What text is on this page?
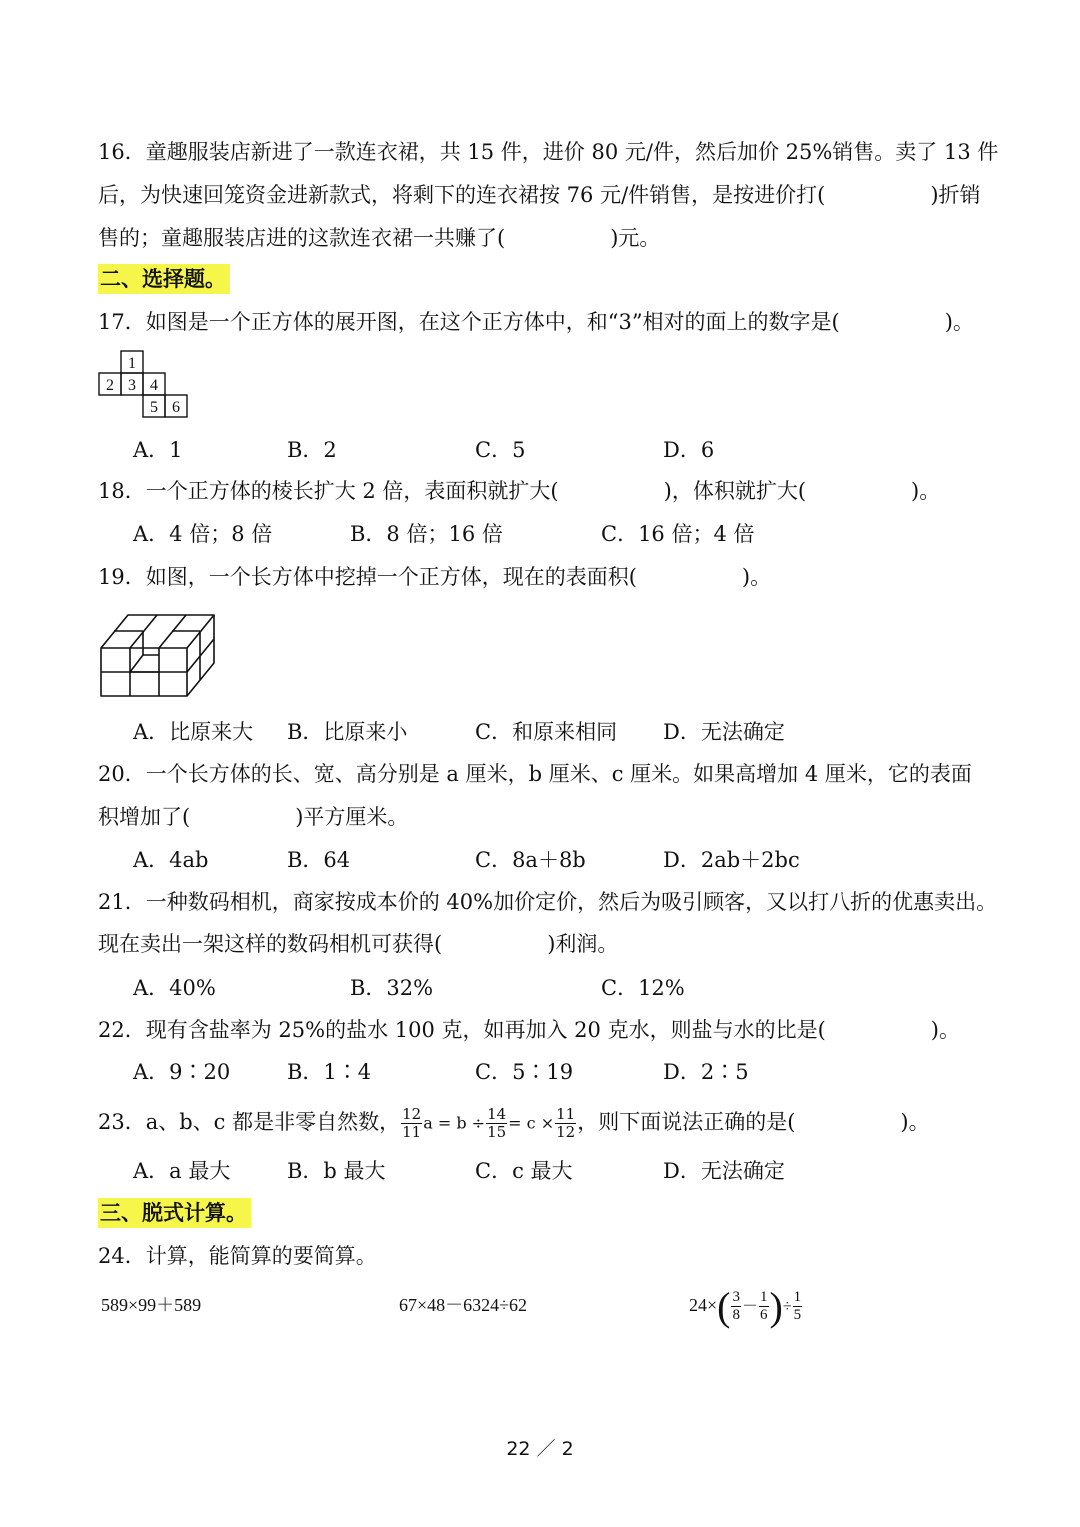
16．童趣服装店新进了一款连衣裙，共 15 件，进价 80 元/件，然后加价 25%销售。卖了 13 件
后，为快速回笼资金进新款式，将剩下的连衣裙按 76 元/件销售，是按进价打(　　　　　)折销
售的；童趣服装店进的这款连衣裙一共赚了(　　　　　)元。
二、选择题。
17．如图是一个正方体的展开图，在这个正方体中，和“3”相对的面上的数字是(　　　　　)。
1
2 3 4
5 6
A．1	B．2	C．5	D．6
18．一个正方体的棱长扩大 2 倍，表面积就扩大(　　　　　)，体积就扩大(　　　　　)。
A．4 倍；8 倍	B．8 倍；16 倍	C．16 倍；4 倍
19．如图，一个长方体中挖掉一个正方体，现在的表面积(　　　　　)。
A．比原来大 B．比原来小	C．和原来相同 D．无法确定
20．一个长方体的长、宽、高分别是 a 厘米，b 厘米、c 厘米。如果高增加 4 厘米，它的表面
积增加了(　　　　　)平方厘米。
A．4ab	B．64	C．8a＋8b	D．2ab＋2bc
21．一种数码相机，商家按成本价的 40%加价定价，然后为吸引顾客，又以打八折的优惠卖出。
现在卖出一架这样的数码相机可获得(　　　　　)利润。
A．40%	B．32%	C．12%
22．现有含盐率为 25%的盐水 100 克，如再加入 20 克水，则盐与水的比是(　　　　　)。
A．9∶20	B．1∶4	C．5∶19	D．2∶5
23．a、b、c 都是非零自然数， $\frac{12}{11}$ $a = b \div \frac{14}{15} = c \times \frac{11}{12}$ ，则下面说法正确的是(　　　　　)。
A．a 最大	B．b 最大	C．c 最大	D．无法确定
三、脱式计算。
24．计算，能简算的要简算。
589×99＋589	67×48－6324÷62	$24\times( \frac{3}{8} - \frac{1}{6}$ )÷ $\frac{1}{5}$
22 ／ 2
